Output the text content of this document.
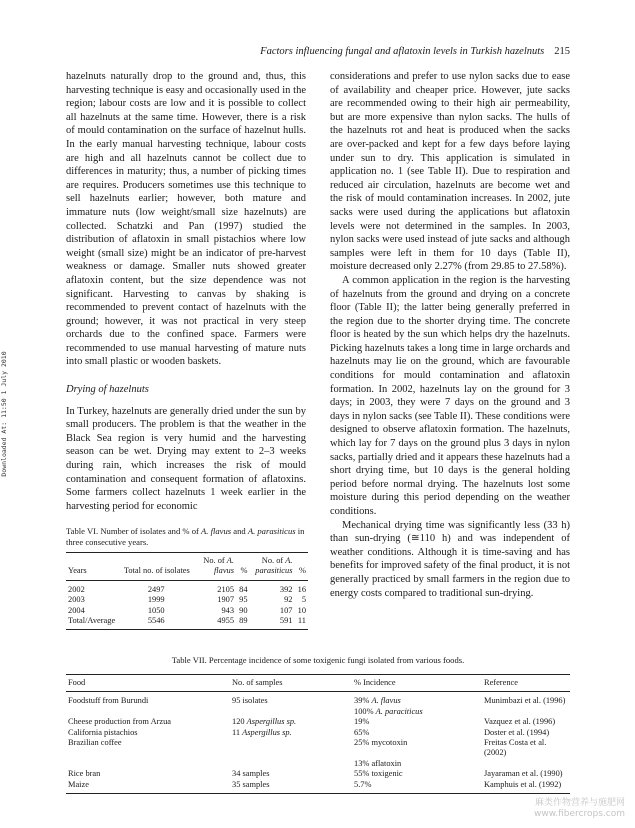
Factors influencing fungal and aflatoxin levels in Turkish hazelnuts 215
Downloaded At: 11:50 1 July 2010

hazelnuts naturally drop to the ground and, thus, this harvesting technique is easy and occasionally used in the region; labour costs are low and it is possible to collect all hazelnuts at the same time. However, there is a risk of mould contamination on the surface of hazelnut hulls. In the early manual harvesting technique, labour costs are high and all hazelnuts cannot be collect due to differences in maturity; thus, a number of picking times are requires. Producers sometimes use this technique to sell hazelnuts earlier; however, both mature and immature nuts (low weight/small size hazelnuts) are collected. Schatzki and Pan (1997) studied the distribution of aflatoxin in small pistachios where low weight (small size) might be an indicator of pre-harvest weakness or damage. Smaller nuts showed greater aflatoxin content, but the size dependence was not significant. Harvesting to canvas by shaking is recommended to prevent contact of hazelnuts with the ground; however, it was not practical in very steep orchards due to the confined space. Farmers were recommended to use manual harvesting of mature nuts into small plastic or wooden baskets.

Drying of hazelnuts

In Turkey, hazelnuts are generally dried under the sun by small producers. The problem is that the weather in the Black Sea region is very humid and the harvesting season can be wet. Drying may extent to 2–3 weeks during rain, which increases the risk of mould contamination and consequent formation of aflatoxins. Some farmers collect hazelnuts 1 week earlier in the harvesting period for economic

Table VI. Number of isolates and % of A. flavus and A. parasiticus in three consecutive years.

Years	Total no. of isolates	No. of A.
flavus	%	No. of A.
parasiticus	%
2002	2497	2105	84	392	16
2003	1999	1907	95	92	5
2004	1050	943	90	107	10
Total/Average	5546	4955	89	591	11

considerations and prefer to use nylon sacks due to ease of availability and cheaper price. However, jute sacks are recommended owing to their high air permeability, but are more expensive than nylon sacks. The hulls of the hazelnuts rot and heat is produced when the sacks are over-packed and kept for a few days before laying under sun to dry. This application is simulated in application no. 1 (see Table II). Due to respiration and reduced air circulation, hazelnuts are become wet and the risk of mould contamination increases. In 2002, jute sacks were used during the applications but aflatoxin levels were not determined in the samples. In 2003, nylon sacks were used instead of jute sacks and although samples were left in them for 10 days (Table II), moisture decreased only 2.27% (from 29.85 to 27.58%).

A common application in the region is the harvesting of hazelnuts from the ground and drying on a concrete floor (Table II); the latter being generally preferred in the region due to the shorter drying time. The concrete floor is heated by the sun which helps dry the hazelnuts. Picking hazelnuts takes a long time in large orchards and hazelnuts may lie on the ground, which are favourable conditions for mould contamination and aflatoxin formation. In 2002, hazelnuts lay on the ground for 3 days; in 2003, they were 7 days on the ground and 3 days in nylon sacks (see Table II). These conditions were designed to observe aflatoxin formation. The hazelnuts, which lay for 7 days on the ground plus 3 days in nylon sacks, partially dried and it appears these hazelnuts had a short drying time, but 10 days is the general holding period before normal drying. The hazelnuts lost some moisture during this period depending on the weather conditions.

Mechanical drying time was significantly less (33 h) than sun-drying (≅110 h) and was independent of weather conditions. Although it is time-saving and has benefits for improved safety of the final product, it is not generally practiced by small farmers in the region due to energy costs compared to traditional sun-drying.

Table VII. Percentage incidence of some toxigenic fungi isolated from various foods.

Food	No. of samples	% Incidence	Reference
Foodstuff from Burundi	95 isolates	39% A. flavus	Munimbazi et al. (1996)
		100% A. paraciticus	
Cheese production from Arzua	120 Aspergillus sp.	19%	Vazquez et al. (1996)
California pistachios	11 Aspergillus sp.	65%	Doster et al. (1994)
Brazilian coffee		25% mycotoxin	Freitas Costa et al. (2002)
		13% aflatoxin	
Rice bran	34 samples	55% toxigenic	Jayaraman et al. (1990)
Maize	35 samples	5.7%	Kamphuis et al. (1992)
麻类作物营养与施肥网
www.fibercrops.com
